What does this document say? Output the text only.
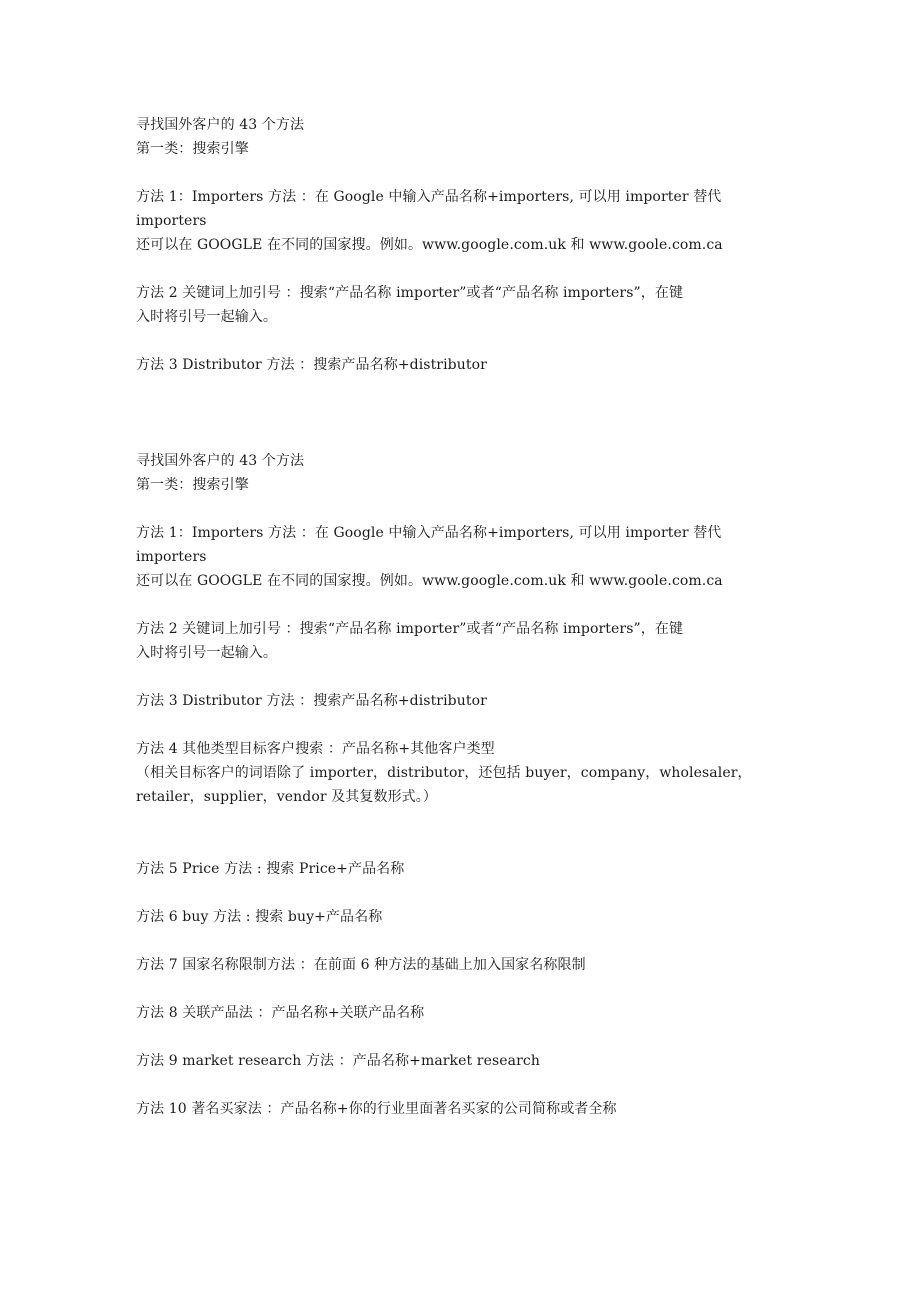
寻找国外客户的 43 个方法
第一类：搜索引擎
方法 1：Importers 方法 ：在 Google 中输入产品名称+importers, 可以用 importer 替代
importers
还可以在 GOOGLE 在不同的国家搜。例如。www.google.com.uk 和 www.goole.com.ca
方法 2 关键词上加引号 ：搜索“产品名称 importer”或者“产品名称 importers”，在键
入时将引号一起输入。
方法 3 Distributor 方法 ：搜索产品名称+distributor
寻找国外客户的 43 个方法
第一类：搜索引擎
方法 1：Importers 方法 ：在 Google 中输入产品名称+importers, 可以用 importer 替代
importers
还可以在 GOOGLE 在不同的国家搜。例如。www.google.com.uk 和 www.goole.com.ca
方法 2 关键词上加引号 ：搜索“产品名称 importer”或者“产品名称 importers”，在键
入时将引号一起输入。
方法 3 Distributor 方法 ：搜索产品名称+distributor
方法 4 其他类型目标客户搜索 ：产品名称+其他客户类型
（相关目标客户的词语除了 importer，distributor，还包括 buyer，company，wholesaler，
retailer，supplier，vendor 及其复数形式。）
方法 5 Price 方法 : 搜索 Price+产品名称
方法 6 buy 方法 : 搜索 buy+产品名称
方法 7 国家名称限制方法 ：在前面 6 种方法的基础上加入国家名称限制
方法 8 关联产品法 ：产品名称+关联产品名称
方法 9 market research 方法 ：产品名称+market research
方法 10 著名买家法 ：产品名称+你的行业里面著名买家的公司简称或者全称
